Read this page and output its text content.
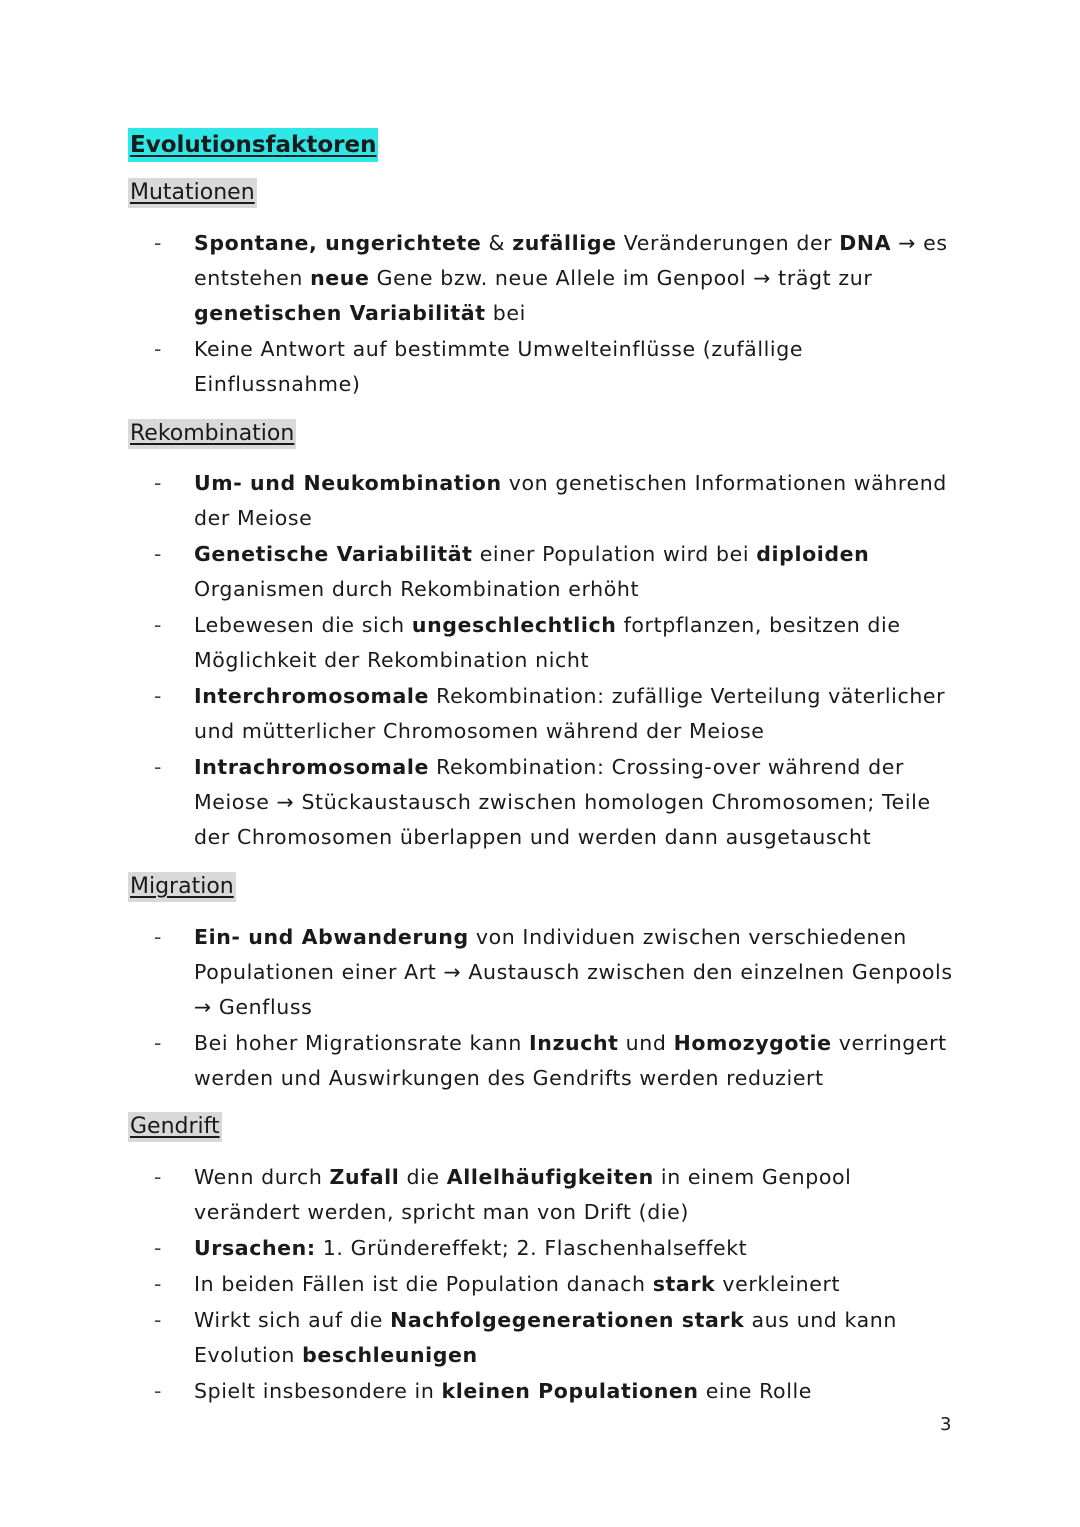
Evolutionsfaktoren
Mutationen
-	Spontane, ungerichtete & zufällige Veränderungen der DNA → es entstehen neue Gene bzw. neue Allele im Genpool → trägt zur genetischen Variabilität bei
-	Keine Antwort auf bestimmte Umwelteinflüsse (zufällige Einflussnahme)
Rekombination
-	Um- und Neukombination von genetischen Informationen während der Meiose
-	Genetische Variabilität einer Population wird bei diploiden Organismen durch Rekombination erhöht
-	Lebewesen die sich ungeschlechtlich fortpflanzen, besitzen die Möglichkeit der Rekombination nicht
-	Interchromosomale Rekombination: zufällige Verteilung väterlicher und mütterlicher Chromosomen während der Meiose
-	Intrachromosomale Rekombination: Crossing-over während der Meiose → Stückaustausch zwischen homologen Chromosomen; Teile der Chromosomen überlappen und werden dann ausgetauscht
Migration
-	Ein- und Abwanderung von Individuen zwischen verschiedenen Populationen einer Art → Austausch zwischen den einzelnen Genpools → Genfluss
-	Bei hoher Migrationsrate kann Inzucht und Homozygotie verringert werden und Auswirkungen des Gendrifts werden reduziert
Gendrift
-	Wenn durch Zufall die Allelhäufigkeiten in einem Genpool verändert werden, spricht man von Drift (die)
-	Ursachen: 1. Gründereffekt; 2. Flaschenhalseffekt
-	In beiden Fällen ist die Population danach stark verkleinert
-	Wirkt sich auf die Nachfolgegenerationen stark aus und kann Evolution beschleunigen
-	Spielt insbesondere in kleinen Populationen eine Rolle
3
